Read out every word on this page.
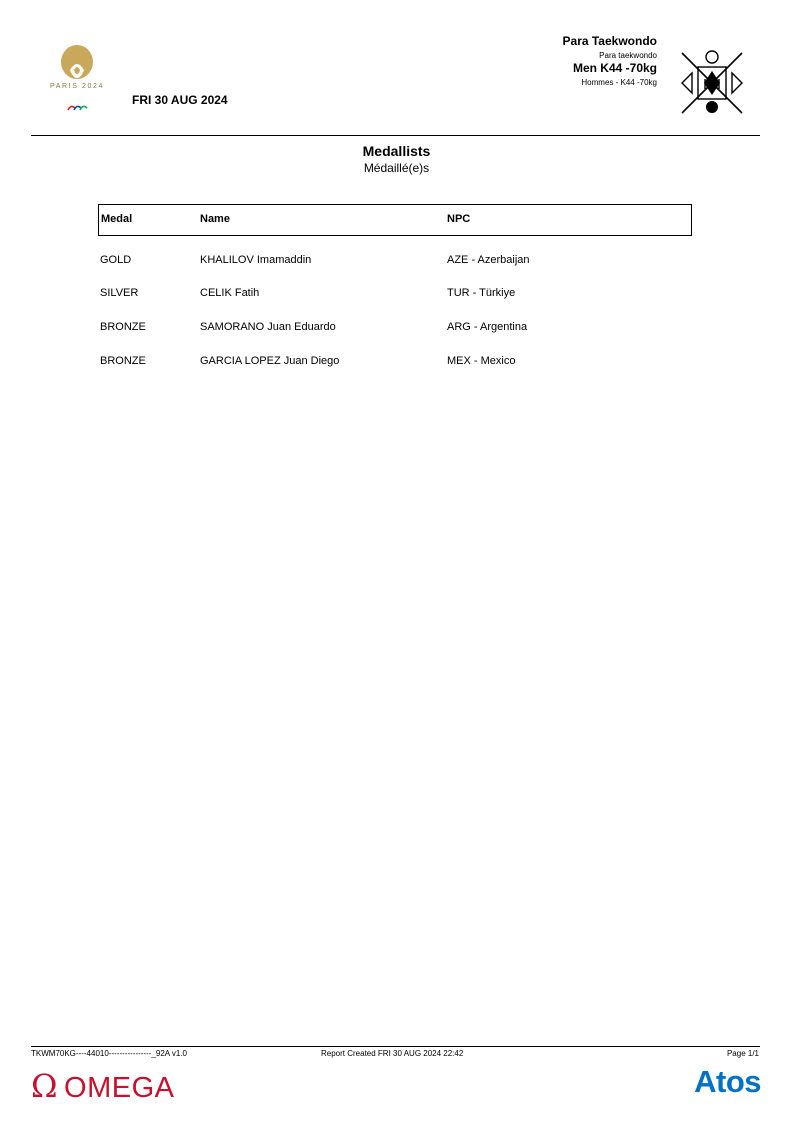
PARIS 2024
FRI 30 AUG 2024
Para Taekwondo
Para taekwondo
Men K44 -70kg
Hommes - K44 -70kg
Medallists
Médaillé(e)s
Medal	Name	NPC
GOLD	KHALILOV Imamaddin	AZE - Azerbaijan
SILVER	CELIK Fatih	TUR - Türkiye
BRONZE	SAMORANO Juan Eduardo	ARG - Argentina
BRONZE	GARCIA LOPEZ Juan Diego	MEX - Mexico
TKWM70KG----44010----------------_92A v1.0	Report Created FRI 30 AUG 2024 22:42	Page 1/1
Ω OMEGA	Atos
